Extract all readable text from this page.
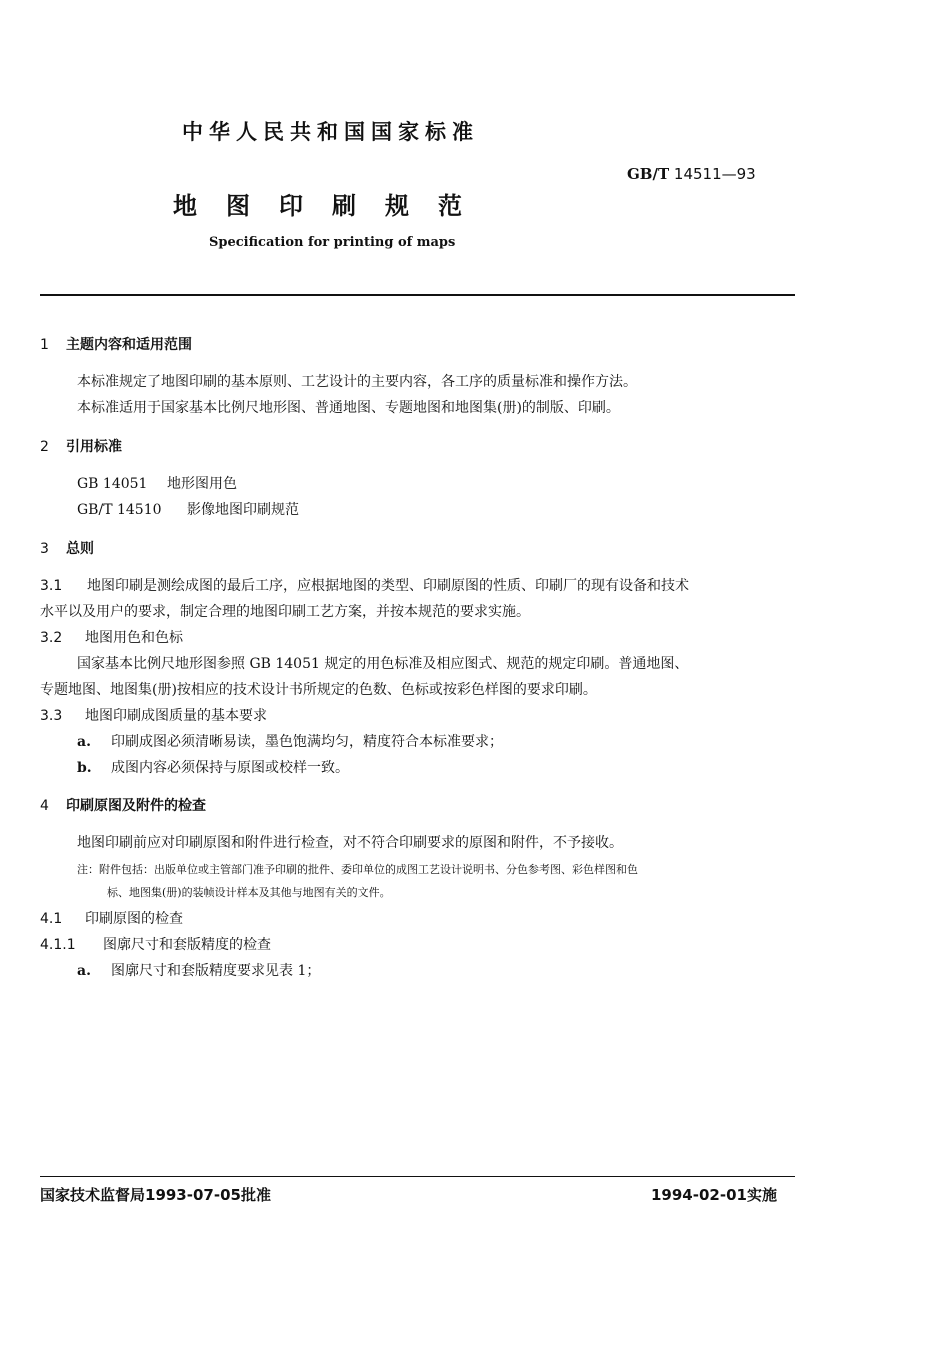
中华人民共和国国家标准
GB/T 14511—93
地图印刷规范
Specification for printing of maps
1 主题内容和适用范围
本标准规定了地图印刷的基本原则、工艺设计的主要内容，各工序的质量标准和操作方法。
本标准适用于国家基本比例尺地形图、普通地图、专题地图和地图集(册)的制版、印刷。
2 引用标准
GB 14051 地形图用色
GB/T 14510 影像地图印刷规范
3 总则
3.1 地图印刷是测绘成图的最后工序，应根据地图的类型、印刷原图的性质、印刷厂的现有设备和技术
水平以及用户的要求，制定合理的地图印刷工艺方案，并按本规范的要求实施。
3.2 地图用色和色标
国家基本比例尺地形图参照 GB 14051 规定的用色标准及相应图式、规范的规定印刷。普通地图、
专题地图、地图集(册)按相应的技术设计书所规定的色数、色标或按彩色样图的要求印刷。
3.3 地图印刷成图质量的基本要求
a. 印刷成图必须清晰易读，墨色饱满均匀，精度符合本标准要求；
b. 成图内容必须保持与原图或校样一致。
4 印刷原图及附件的检查
地图印刷前应对印刷原图和附件进行检查，对不符合印刷要求的原图和附件，不予接收。
注：附件包括：出版单位或主管部门准予印刷的批件、委印单位的成图工艺设计说明书、分色参考图、彩色样图和色
标、地图集(册)的装帧设计样本及其他与地图有关的文件。
4.1 印刷原图的检查
4.1.1 图廓尺寸和套版精度的检查
a. 图廓尺寸和套版精度要求见表 1；
国家技术监督局1993-07-05批准	1994-02-01实施
